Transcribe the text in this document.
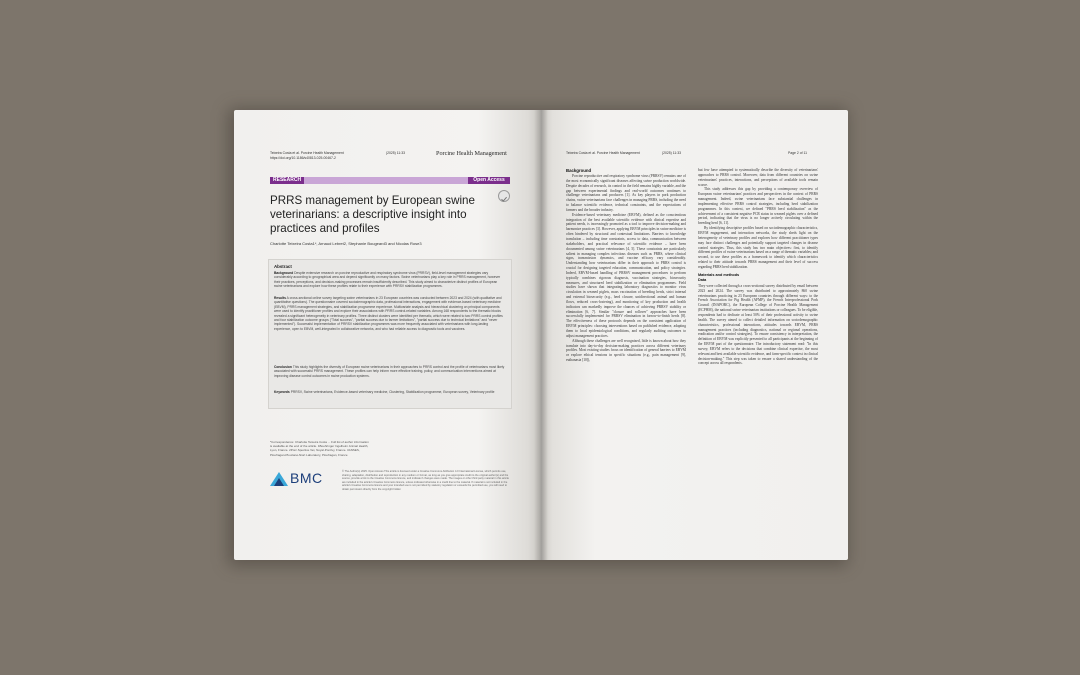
Teixeira Costa et al. Porcine Health Management
https://doi.org/10.1186/s40813-025-00467-2
(2025) 11:33	Porcine Health Management
RESEARCH	Open Access
PRRS management by European swine veterinarians: a descriptive insight into practices and profiles
Charlotte Teixeira Costa1*, Arnaud Lebret2, Stephanie Bougeard3 and Nicolas Rose3
Abstract
Background Despite extensive research on porcine reproductive and respiratory syndrome virus (PRRSV), field-level management strategies vary considerably according to geographical area and depend significantly on many factors. Swine veterinarians play a key role in PRRS management, however their practices, perceptions, and decision-making processes remain insufficiently described. This study aimed to characterize distinct profiles of European swine veterinarians and explore how these profiles relate to their experience with PRRSV stabilization programmes.
Results A cross-sectional online survey targeting swine veterinarians in 23 European countries was conducted between 2023 and 2024 (with qualitative and quantitative questions). The questionnaire covered sociodemographic data, professional interactions, engagement with evidence-based veterinary medicine (EBVM), PRRS management strategies, and stabilization programme experience. Multivariate analysis and hierarchical clustering on principal components were used to identify practitioner profiles and explore their associations with PRRS control-related variables. Among 168 respondents to the thematic blocks revealed a significant heterogeneity in veterinary profiles. Three distinct clusters were identified per thematic, which were related to two PRRS control profiles and four stabilization outcome groups ("Total success", "partial success due to farmer limitations", "partial success due to technical limitations" and "never implemented"). Successful implementation of PRRSV stabilization programmes was more frequently associated with veterinarians with long-lasting experience, open to EBVM, well-integrated in collaborative networks, and who had reliable access to diagnostic tools and vaccines.
Conclusion This study highlights the diversity of European swine veterinarians in their approaches to PRRS control and the profile of veterinarians most likely associated with successful PRRS management. These profiles can help inform more effective training, policy, and communication interventions aimed at improving disease control outcomes in swine production systems.
Keywords PRRSV, Swine veterinarians, Evidence-based veterinary medicine, Clustering, Stabilization programme, European survey, Veterinary profile
*Correspondence: Charlotte Teixeira Costa ... Full list of author information is available at the end of the article. 1Boehringer Ingelheim Animal Health, Lyon, France. 2Porc.Spective Vet, Noyal-Pontivy, France. 3ANSES, Ploufragan-Plouzané-Niort Laboratory, Ploufragan, France
BMC	© The Author(s) 2025. Open Access This article is licensed under a Creative Commons Attribution 4.0 International License, which permits use, sharing, adaptation, distribution and reproduction in any medium or format, as long as you give appropriate credit to the original author(s) and the source, provide a link to the Creative Commons licence, and indicate if changes were made. The images or other third party material in this article are included in the article's Creative Commons licence, unless indicated otherwise in a credit line to the material. If material is not included in the article's Creative Commons licence and your intended use is not permitted by statutory regulation or exceeds the permitted use, you will need to obtain permission directly from the copyright holder.
Teixeira Costa et al. Porcine Health Management	(2025) 11:33	Page 2 of 11
Background

Porcine reproductive and respiratory syndrome virus (PRRSV) remains one of the most economically significant diseases affecting swine production worldwide. Despite decades of research, its control in the field remains highly variable, and the gap between experimental findings and real-world outcomes continues to challenge veterinarians and producers [1]. As key players in pork production chains, swine veterinarians face challenges in managing PRRS, including the need to balance scientific evidence, technical constraints, and the expectations of farmers and the broader industry.

Evidence-based veterinary medicine (EBVM), defined as the conscientious integration of the best available scientific evidence with clinical expertise and patient needs, is increasingly promoted as a tool to improve decision-making and harmonize practices [3]. However, applying EBVM principles in swine medicine is often hindered by structural and contextual limitations. Barriers to knowledge translation – including time constraints, access to data, communication between stakeholders, and practical relevance of scientific evidence – have been documented among swine veterinarians [4, 5]. These constraints are particularly salient in managing complex infectious diseases such as PRRS, where clinical signs, transmission dynamics, and vaccine efficacy vary considerably. Understanding how veterinarians differ in their approach to PRRS control is crucial for designing targeted education, communication, and policy strategies. Indeed, EBVM-based handling of PRRSV management procedures to perform typically combines rigorous diagnosis, vaccination strategies, biosecurity measures, and structured herd stabilization or elimination programmes. Field studies have shown that integrating laboratory diagnostics to monitor virus circulation in weaned piglets, mass vaccination of breeding herds, strict internal and external biosecurity (e.g., herd closure, unidirectional animal and human flows, reduced cross-fostering), and monitoring of key production and health indicators can markedly improve the chances of achieving PRRSV stability or elimination [6, 7]. Similar "closure and rollover" approaches have been successfully implemented for PRRSV elimination in farrow-to-finish herds [8]. The effectiveness of these protocols depends on the consistent application of EBVM principles: choosing interventions based on published evidence, adapting them to local epidemiological conditions, and regularly auditing outcomes to adjust management practices.

Although these challenges are well recognized, little is known about how they translate into day-to-day decision-making practices across different veterinary profiles. Most existing studies focus on identification of general barriers to EBVM or explore ethical tensions in specific situations (e.g., pain management [9], euthanasia [10]),

but few have attempted to systematically describe the diversity of veterinarians' approaches to PRRS control. Moreover, data from different countries on swine veterinarians' practices, interactions, and perceptions of available tools remain scarce.

This study addresses this gap by providing a contemporary overview of European swine veterinarians' practices and perspectives in the context of PRRS management. Indeed, swine veterinarians face substantial challenges in implementing effective PRRS control strategies, including herd stabilization programmes. In this context, we defined "PRRS herd stabilization" as the achievement of a consistent negative PCR status in weaned piglets over a defined period, indicating that the virus is no longer actively circulating within the breeding herd [6, 11].

By identifying descriptive profiles based on sociodemographic characteristics, EBVM engagement, and interaction networks, the study sheds light on the heterogeneity of veterinary profiles and explores how different practitioner types may face distinct challenges and potentially support targeted changes in disease control strategies. Thus, this study has two main objectives: first, to identify different profiles of swine veterinarians based on a range of thematic variables; and second, to use these profiles as a framework to identify which characteristics related to their attitude towards PRRS management and their level of success regarding PRRS herd stabilization.

Materials and methods
Data

They were collected through a cross-sectional survey distributed by email between 2023 and 2024. The survey was distributed to approximately 860 swine veterinarians practicing in 23 European countries through different ways: to the French Association for Pig Health (AFMP), the French Interprofessional Pork Council (INAPORC), the European College of Porcine Health Management (ECPHM), the national swine veterinarian institutions or colleagues. To be eligible, respondents had to dedicate at least 50% of their professional activity to swine health. The survey aimed to collect detailed information on sociodemographic characteristics, professional interactions, attitudes towards EBVM, PRRS management practices (including diagnostics, national or regional operations, eradication and/or control strategies). To ensure consistency in interpretation, the definition of EBVM was explicitly presented to all participants at the beginning of the EBVM part of the questionnaire. The introductory statement read: "In this survey, EBVM refers to the decisions that combine clinical expertise, the most relevant and best available scientific evidence, and farm-specific context in clinical decision-making." This step was taken to ensure a shared understanding of the concept across all respondents.
